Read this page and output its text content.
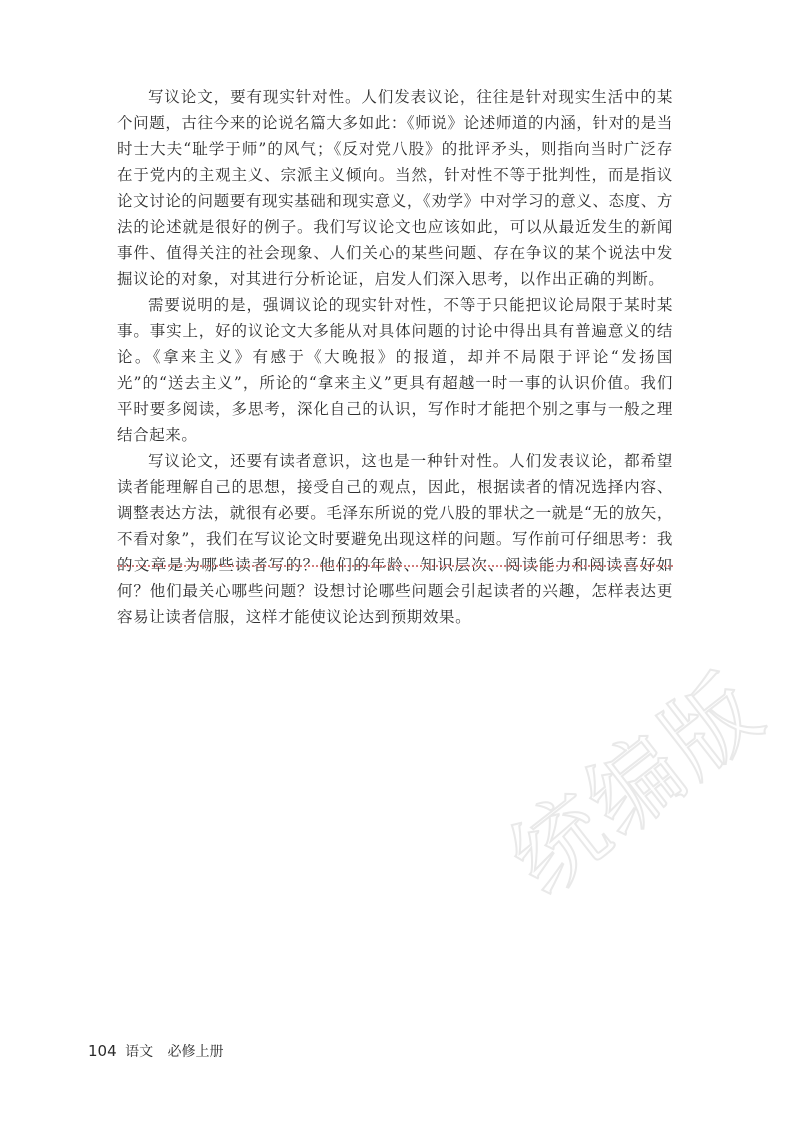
写议论文，要有现实针对性。人们发表议论，往往是针对现实生活中的某个问题，古往今来的论说名篇大多如此：《师说》论述师道的内涵，针对的是当时士大夫“耻学于师”的风气；《反对党八股》的批评矛头，则指向当时广泛存在于党内的主观主义、宗派主义倾向。当然，针对性不等于批判性，而是指议论文讨论的问题要有现实基础和现实意义，《劝学》中对学习的意义、态度、方法的论述就是很好的例子。我们写议论文也应该如此，可以从最近发生的新闻事件、值得关注的社会现象、人们关心的某些问题、存在争议的某个说法中发掘议论的对象，对其进行分析论证，启发人们深入思考，以作出正确的判断。

需要说明的是，强调议论的现实针对性，不等于只能把议论局限于某时某事。事实上，好的议论文大多能从对具体问题的讨论中得出具有普遍意义的结论。《拿来主义》有感于《大晚报》的报道，却并不局限于评论“发扬国光”的“送去主义”，所论的“拿来主义”更具有超越一时一事的认识价值。我们平时要多阅读，多思考，深化自己的认识，写作时才能把个别之事与一般之理结合起来。

写议论文，还要有读者意识，这也是一种针对性。人们发表议论，都希望读者能理解自己的思想，接受自己的观点，因此，根据读者的情况选择内容、调整表达方法，就很有必要。毛泽东所说的党八股的罪状之一就是“无的放矢，不看对象”，我们在写议论文时要避免出现这样的问题。写作前可仔细思考：我的文章是为哪些读者写的？他们的年龄、知识层次、阅读能力和阅读喜好如何？他们最关心哪些问题？设想讨论哪些问题会引起读者的兴趣，怎样表达更容易让读者信服，这样才能使议论达到预期效果。

统编版
104 语文 必修上册
